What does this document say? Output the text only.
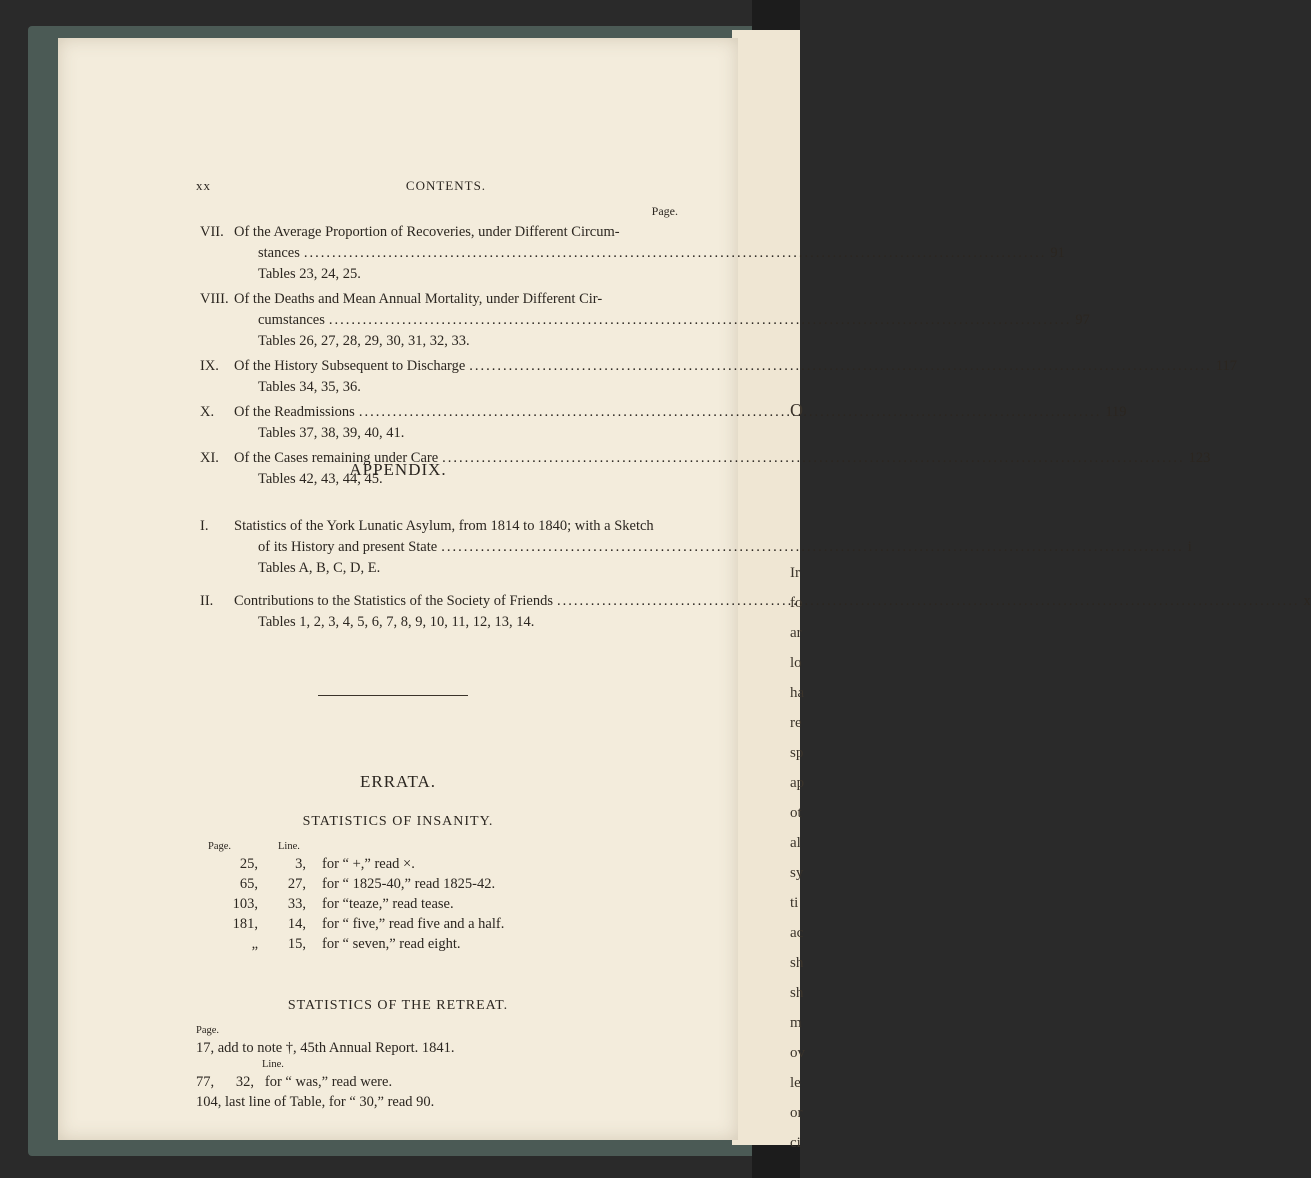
O
Ir
fo
ar
lo
ha
re
sp
ap
ot
al
sy
ti
ac
sh
sh
m
ov
le
or
ci
xx	CONTENTS.
Page.
VII. Of the Average Proportion of Recoveries, under Different Circum-
stances .....	91
Tables 23, 24, 25.
VIII. Of the Deaths and Mean Annual Mortality, under Different Cir-
cumstances .....	97
Tables 26, 27, 28, 29, 30, 31, 32, 33.
IX. Of the History Subsequent to Discharge .....	117
Tables 34, 35, 36.
X. Of the Readmissions .....	119
Tables 37, 38, 39, 40, 41.
XI. Of the Cases remaining under Care .....	123
Tables 42, 43, 44, 45.
APPENDIX.
I. Statistics of the York Lunatic Asylum, from 1814 to 1840; with a Sketch
of its History and present State .....	i
Tables A, B, C, D, E.
II. Contributions to the Statistics of the Society of Friends .....	x
Tables 1, 2, 3, 4, 5, 6, 7, 8, 9, 10, 11, 12, 13, 14.
ERRATA.
STATISTICS OF INSANITY.
Page.	Line.
25,	3,	for “ +,” read ×.
65,	27,	for “ 1825-40,” read 1825-42.
103,	33,	for “teaze,” read tease.
181,	14,	for “ five,” read five and a half.
„	15,	for “ seven,” read eight.
STATISTICS OF THE RETREAT.
Page.
17, add to note †, 45th Annual Report. 1841.
Line.
77,      32,   for “ was,” read were.
104, last line of Table, for “ 30,” read 90.
